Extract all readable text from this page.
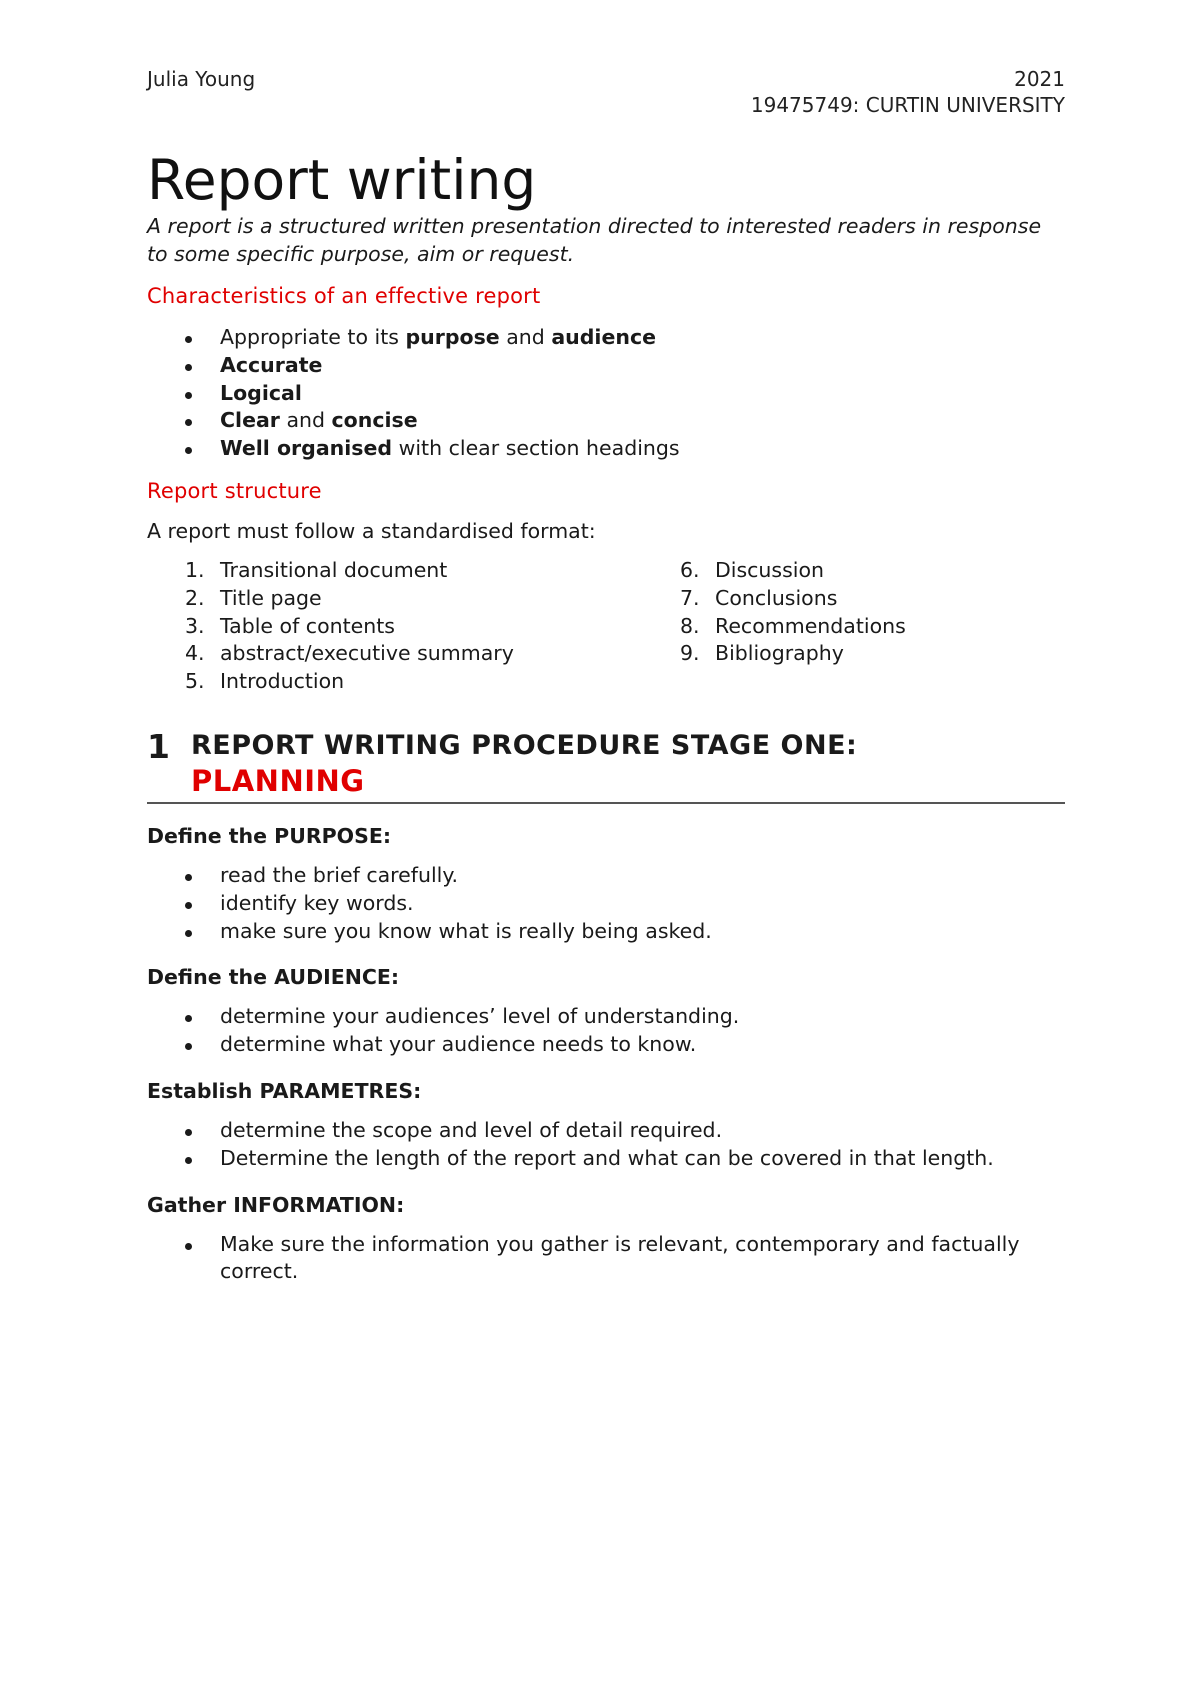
Julia Young	2021
19475749: CURTIN UNIVERSITY
Report writing
A report is a structured written presentation directed to interested readers in response to some specific purpose, aim or request.
Characteristics of an effective report
Appropriate to its purpose and audience
Accurate
Logical
Clear and concise
Well organised with clear section headings
Report structure
A report must follow a standardised format:
1. Transitional document
2. Title page
3. Table of contents
4. abstract/executive summary
5. Introduction
6. Discussion
7. Conclusions
8. Recommendations
9. Bibliography
1 REPORT WRITING PROCEDURE STAGE ONE:
PLANNING
Define the PURPOSE:
read the brief carefully.
identify key words.
make sure you know what is really being asked.
Define the AUDIENCE:
determine your audiences’ level of understanding.
determine what your audience needs to know.
Establish PARAMETRES:
determine the scope and level of detail required.
Determine the length of the report and what can be covered in that length.
Gather INFORMATION:
Make sure the information you gather is relevant, contemporary and factually correct.
